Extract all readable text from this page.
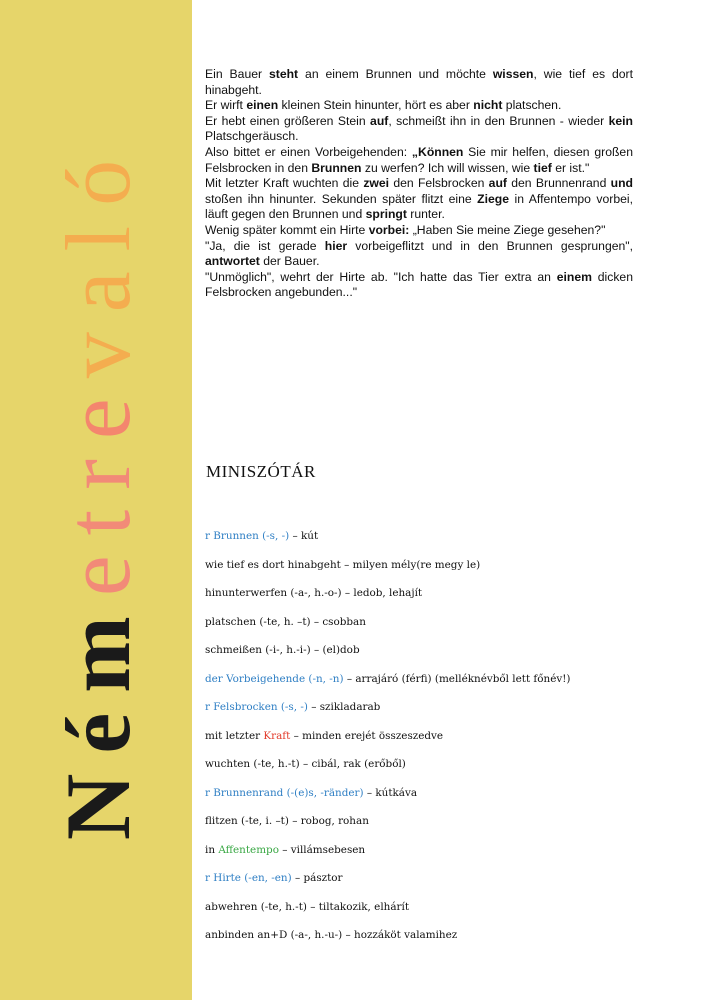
Németrevaló

Ein Bauer steht an einem Brunnen und möchte wissen, wie tief es dort hinabgeht.

Er wirft einen kleinen Stein hinunter, hört es aber nicht platschen.

Er hebt einen größeren Stein auf, schmeißt ihn in den Brunnen - wieder kein Platschgeräusch.

Also bittet er einen Vorbeigehenden: „Können Sie mir helfen, diesen großen Felsbrocken in den Brunnen zu werfen? Ich will wissen, wie tief er ist."

Mit letzter Kraft wuchten die zwei den Felsbrocken auf den Brunnenrand und stoßen ihn hinunter. Sekunden später flitzt eine Ziege in Affentempo vorbei, läuft gegen den Brunnen und springt runter.

Wenig später kommt ein Hirte vorbei: „Haben Sie meine Ziege gesehen?"

"Ja, die ist gerade hier vorbeigeflitzt und in den Brunnen gesprungen", antwortet der Bauer.

"Unmöglich", wehrt der Hirte ab. "Ich hatte das Tier extra an einem dicken Felsbrocken angebunden..."

MINISZÓTÁR
r Brunnen (-s, -) – kút
wie tief es dort hinabgeht – milyen mély(re megy le)
hinunterwerfen (-a-, h.-o-) – ledob, lehajít
platschen (-te, h. –t) – csobban
schmeißen (-i-, h.-i-) – (el)dob
der Vorbeigehende (-n, -n) – arrajáró (férfi) (melléknévből lett főnév!)
r Felsbrocken (-s, -) – szikladarab
mit letzter Kraft – minden erejét összeszedve
wuchten (-te, h.-t) – cibál, rak (erőből)
r Brunnenrand (-(e)s, -ränder) – kútkáva
flitzen (-te, i. –t) – robog, rohan
in Affentempo – villámsebesen
r Hirte (-en, -en) – pásztor
abwehren (-te, h.-t) – tiltakozik, elhárít
anbinden an+D (-a-, h.-u-) – hozzáköt valamihez
